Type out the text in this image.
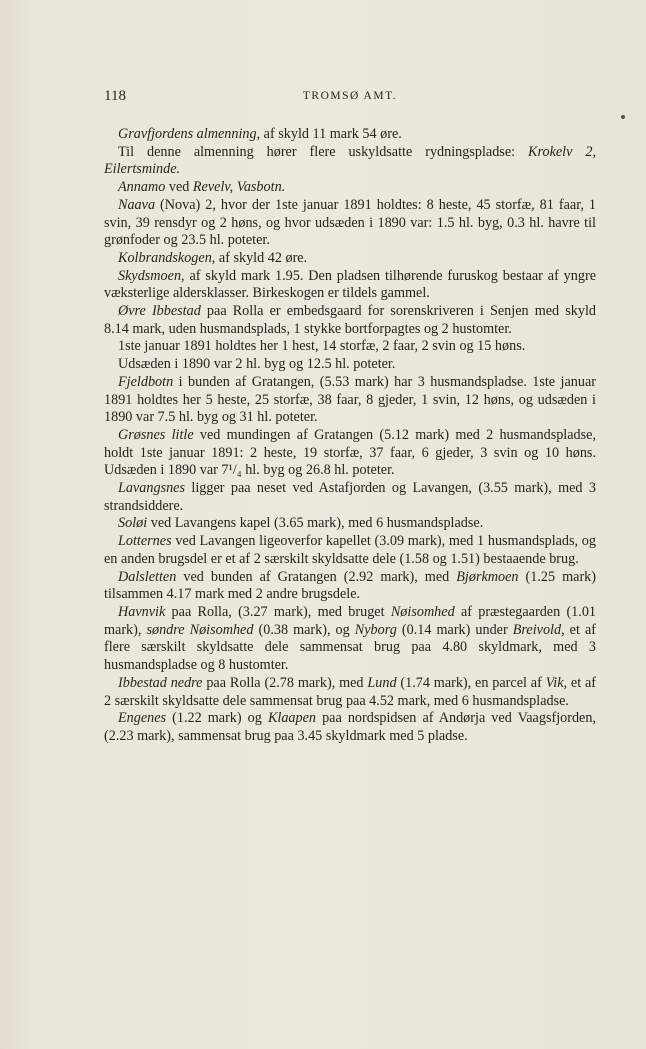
118	TROMSØ AMT.

Gravfjordens almenning, af skyld 11 mark 54 øre.

Til denne almenning hører flere uskyldsatte rydningspladse: Krokelv 2, Eilertsminde.

Annamo ved Revelv, Vasbotn.

Naava (Nova) 2, hvor der 1ste januar 1891 holdtes: 8 heste, 45 storfæ, 81 faar, 1 svin, 39 rensdyr og 2 høns, og hvor udsæden i 1890 var: 1.5 hl. byg, 0.3 hl. havre til grønfoder og 23.5 hl. poteter.

Kolbrandskogen, af skyld 42 øre.

Skydsmoen, af skyld mark 1.95. Den pladsen tilhørende furuskog bestaar af yngre væksterlige aldersklasser. Birkeskogen er tildels gammel.

Øvre Ibbestad paa Rolla er embedsgaard for sorenskriveren i Senjen med skyld 8.14 mark, uden husmandsplads, 1 stykke bortforpagtes og 2 hustomter.

1ste januar 1891 holdtes her 1 hest, 14 storfæ, 2 faar, 2 svin og 15 høns.

Udsæden i 1890 var 2 hl. byg og 12.5 hl. poteter.

Fjeldbotn i bunden af Gratangen, (5.53 mark) har 3 husmandspladse. 1ste januar 1891 holdtes her 5 heste, 25 storfæ, 38 faar, 8 gjeder, 1 svin, 12 høns, og udsæden i 1890 var 7.5 hl. byg og 31 hl. poteter.

Grøsnes litle ved mundingen af Gratangen (5.12 mark) med 2 husmandspladse, holdt 1ste januar 1891: 2 heste, 19 storfæ, 37 faar, 6 gjeder, 3 svin og 10 høns. Udsæden i 1890 var 7¹/₄ hl. byg og 26.8 hl. poteter.

Lavangsnes ligger paa neset ved Astafjorden og Lavangen, (3.55 mark), med 3 strandsiddere.

Soløi ved Lavangens kapel (3.65 mark), med 6 husmandspladse.

Lotternes ved Lavangen ligeoverfor kapellet (3.09 mark), med 1 husmandsplads, og en anden brugsdel er et af 2 særskilt skyldsatte dele (1.58 og 1.51) bestaaende brug.

Dalsletten ved bunden af Gratangen (2.92 mark), med Bjørkmoen (1.25 mark) tilsammen 4.17 mark med 2 andre brugsdele.

Havnvik paa Rolla, (3.27 mark), med bruget Nøisomhed af præstegaarden (1.01 mark), søndre Nøisomhed (0.38 mark), og Nyborg (0.14 mark) under Breivold, et af flere særskilt skyldsatte dele sammensat brug paa 4.80 skyldmark, med 3 husmandspladse og 8 hustomter.

Ibbestad nedre paa Rolla (2.78 mark), med Lund (1.74 mark), en parcel af Vik, et af 2 særskilt skyldsatte dele sammensat brug paa 4.52 mark, med 6 husmandspladse.

Engenes (1.22 mark) og Klaapen paa nordspidsen af Andørja ved Vaagsfjorden, (2.23 mark), sammensat brug paa 3.45 skyldmark med 5 pladse.
